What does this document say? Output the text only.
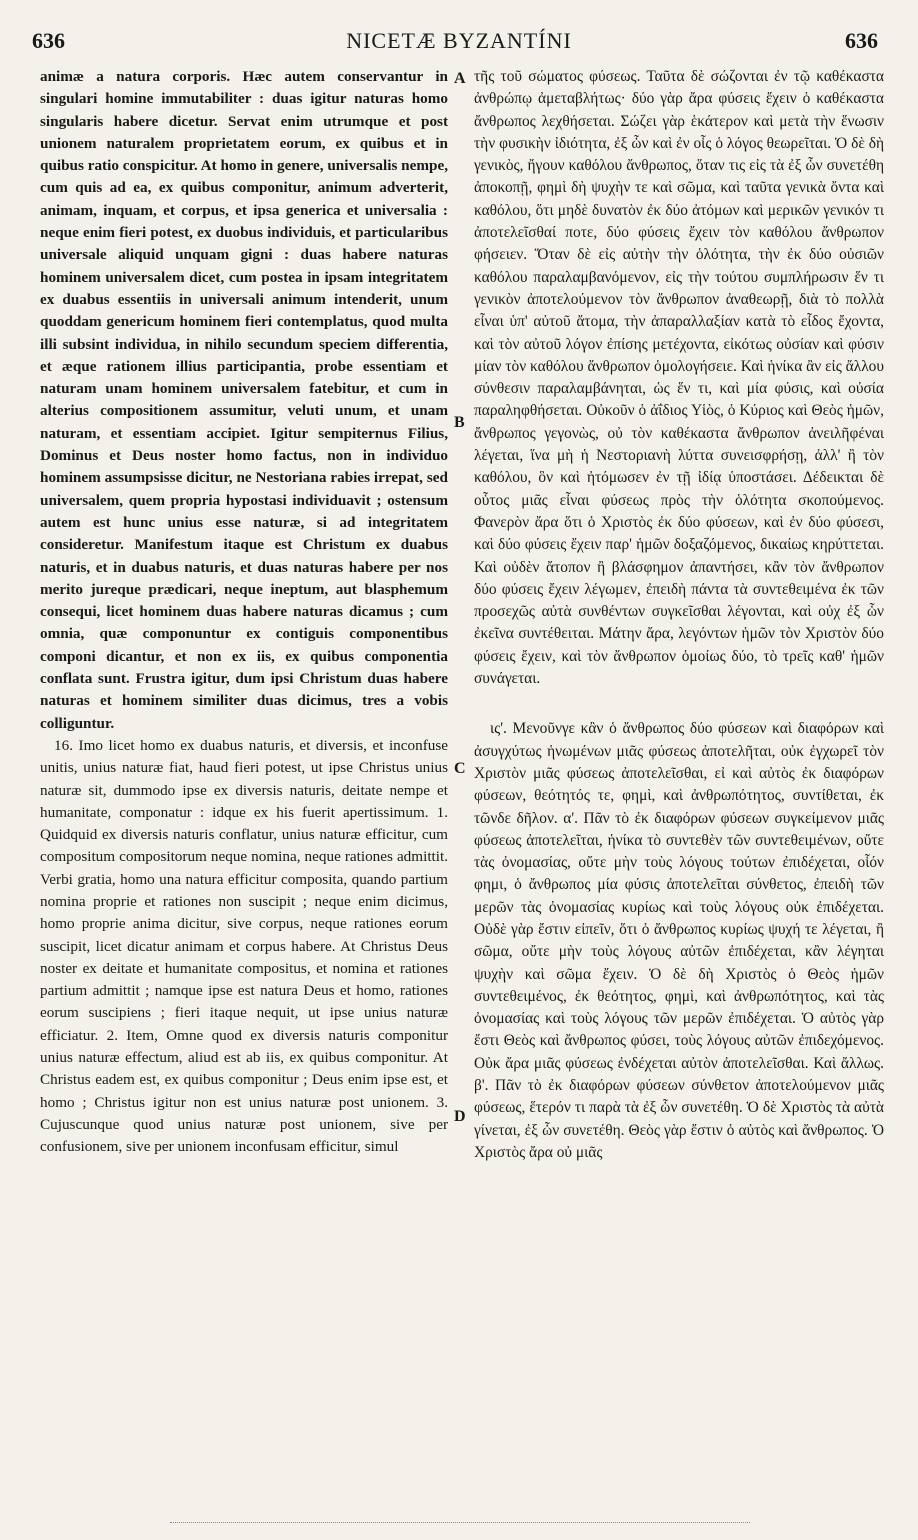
636	NICETÆ BYZANTÍNI	636

animæ a natura corporis. Hæc autem conservantur in singulari homine immutabiliter : duas igitur naturas homo singularis habere dicetur. Servat enim utrumque et post unionem naturalem proprietatem eorum, ex quibus et in quibus ratio conspicitur. At homo in genere, universalis nempe, cum quis ad ea, ex quibus componitur, animum adverterit, animam, inquam, et corpus, et ipsa generica et universalia : neque enim fieri potest, ex duobus individuis, et particularibus universale aliquid unquam gigni : duas habere naturas hominem universalem dicet, cum postea in ipsam integritatem ex duabus essentiis in universali animum intenderit, unum quoddam genericum hominem fieri contemplatus, quod multa illi subsint individua, in nihilo secundum speciem differentia, et æque rationem illius participantia, probe essentiam et naturam unam hominem universalem fatebitur, et cum in alterius compositionem assumitur, veluti unum, et unam naturam, et essentiam accipiet. Igitur sempiternus Filius, Dominus et Deus noster homo factus, non in individuo hominem assumpsisse dicitur, ne Nestoriana rabies irrepat, sed universalem, quem propria hypostasi individuavit ; ostensum autem est hunc unius esse naturæ, si ad integritatem consideretur. Manifestum itaque est Christum ex duabus naturis, et in duabus naturis, et duas naturas habere per nos merito jureque prædicari, neque ineptum, aut blasphemum consequi, licet hominem duas habere naturas dicamus ; cum omnia, quæ componuntur ex contiguis componentibus componi dicantur, et non ex iis, ex quibus componentia conflata sunt. Frustra igitur, dum ipsi Christum duas habere naturas et hominem similiter duas dicimus, tres a vobis colliguntur.

16. Imo licet homo ex duabus naturis, et diversis, et inconfuse unitis, unius naturæ fiat, haud fieri potest, ut ipse Christus unius naturæ sit, dummodo ipse ex diversis naturis, deitate nempe et humanitate, componatur : idque ex his fuerit apertissimum. 1. Quidquid ex diversis naturis conflatur, unius naturæ efficitur, cum compositum compositorum neque nomina, neque rationes admittit. Verbi gratia, homo una natura efficitur composita, quando partium nomina proprie et rationes non suscipit ; neque enim dicimus, homo proprie anima dicitur, sive corpus, neque rationes eorum suscipit, licet dicatur animam et corpus habere. At Christus Deus noster ex deitate et humanitate compositus, et nomina et rationes partium admittit ; namque ipse est natura Deus et homo, rationes eorum suscipiens ; fieri itaque nequit, ut ipse unius naturæ efficiatur. 2. Item, Omne quod ex diversis naturis componitur unius naturæ effectum, aliud est ab iis, ex quibus componitur. At Christus eadem est, ex quibus componitur ; Deus enim ipse est, et homo ; Christus igitur non est unius naturæ post unionem. 3. Cujuscunque quod unius naturæ post unionem, sive per confusionem, sive per unionem inconfusam efficitur, simul

A
B
C
D

τῆς τοῦ σώματος φύσεως. Ταῦτα δὲ σώζονται ἐν τῷ καθέκαστα ἀνθρώπῳ ἀμεταβλήτως· δύο γὰρ ἄρα φύσεις ἔχειν ὁ καθέκαστα ἄνθρωπος λεχθήσεται. Σώζει γὰρ ἑκάτερον καὶ μετὰ τὴν ἕνωσιν τὴν φυσικὴν ἰδιότητα, ἐξ ὧν καὶ ἐν οἷς ὁ λόγος θεωρεῖται. Ὁ δὲ δὴ γενικὸς, ἤγουν καθόλου ἄνθρωπος, ὅταν τις εἰς τὰ ἐξ ὧν συνετέθη ἀποκοπῇ, φημὶ δὴ ψυχὴν τε καὶ σῶμα, καὶ ταῦτα γενικὰ ὄντα καὶ καθόλου, ὅτι μηδὲ δυνατὸν ἐκ δύο ἀτόμων καὶ μερικῶν γενικόν τι ἀποτελεῖσθαί ποτε, δύο φύσεις ἔχειν τὸν καθόλου ἄνθρωπον φήσειεν. Ὅταν δὲ εἰς αὐτὴν τὴν ὁλότητα, τὴν ἐκ δύο οὐσιῶν καθόλου παραλαμβανόμενον, εἰς τὴν τούτου συμπλήρωσιν ἕν τι γενικὸν ἀποτελούμενον τὸν ἄνθρωπον ἀναθεωρῇ, διὰ τὸ πολλὰ εἶναι ὑπ' αὐτοῦ ἄτομα, τὴν ἀπαραλλαξίαν κατὰ τὸ εἶδος ἔχοντα, καὶ τὸν αὐτοῦ λόγον ἐπίσης μετέχοντα, εἰκότως οὐσίαν καὶ φύσιν μίαν τὸν καθόλου ἄνθρωπον ὁμολογήσειε. Καὶ ἡνίκα ἂν εἰς ἄλλου σύνθεσιν παραλαμβάνηται, ὡς ἕν τι, καὶ μία φύσις, καὶ οὐσία παραληφθήσεται. Οὐκοῦν ὁ ἀΐδιος Υἱὸς, ὁ Κύριος καὶ Θεὸς ἡμῶν, ἄνθρωπος γεγονὼς, οὐ τὸν καθέκαστα ἄνθρωπον ἀνειλῆφέναι λέγεται, ἵνα μὴ ἡ Νεστοριανὴ λύττα συνεισφρήσῃ, ἀλλ' ἢ τὸν καθόλου, ὃν καὶ ἠτόμωσεν ἐν τῇ ἰδίᾳ ὑποστάσει. Δέδεικται δὲ οὗτος μιᾶς εἶναι φύσεως πρὸς τὴν ὁλότητα σκοπούμενος. Φανερὸν ἄρα ὅτι ὁ Χριστὸς ἐκ δύο φύσεων, καὶ ἐν δύο φύσεσι, καὶ δύο φύσεις ἔχειν παρ' ἡμῶν δοξαζόμενος, δικαίως κηρύττεται. Καὶ οὐδὲν ἄτοπον ἢ βλάσφημον ἀπαντήσει, κἂν τὸν ἄνθρωπον δύο φύσεις ἔχειν λέγωμεν, ἐπειδὴ πάντα τὰ συντεθειμένα ἐκ τῶν προσεχῶς αὐτὰ συνθέντων συγκεῖσθαι λέγονται, καὶ οὐχ ἐξ ὧν ἐκεῖνα συντέθειται. Μάτην ἄρα, λεγόντων ἡμῶν τὸν Χριστὸν δύο φύσεις ἔχειν, καὶ τὸν ἄνθρωπον ὁμοίως δύο, τὸ τρεῖς καθ' ἡμῶν συνάγεται.

ις'. Μενοῦνγε κἂν ὁ ἄνθρωπος δύο φύσεων καὶ διαφόρων καὶ ἀσυγχύτως ἡνωμένων μιᾶς φύσεως ἀποτελῆται, οὐκ ἐγχωρεῖ τὸν Χριστὸν μιᾶς φύσεως ἀποτελεῖσθαι, εἰ καὶ αὐτὸς ἐκ διαφόρων φύσεων, θεότητός τε, φημὶ, καὶ ἀνθρωπότητος, συντίθεται, ἐκ τῶνδε δῆλον. α'. Πᾶν τὸ ἐκ διαφόρων φύσεων συγκείμενον μιᾶς φύσεως ἀποτελεῖται, ἡνίκα τὸ συντεθὲν τῶν συντεθειμένων, οὔτε τὰς ὀνομασίας, οὔτε μὴν τοὺς λόγους τούτων ἐπιδέχεται, οἷόν φημι, ὁ ἄνθρωπος μία φύσις ἀποτελεῖται σύνθετος, ἐπειδὴ τῶν μερῶν τὰς ὀνομασίας κυρίως καὶ τοὺς λόγους οὐκ ἐπιδέχεται. Οὐδὲ γὰρ ἔστιν εἰπεῖν, ὅτι ὁ ἄνθρωπος κυρίως ψυχή τε λέγεται, ἢ σῶμα, οὔτε μὴν τοὺς λόγους αὐτῶν ἐπιδέχεται, κἂν λέγηται ψυχὴν καὶ σῶμα ἔχειν. Ὁ δὲ δὴ Χριστὸς ὁ Θεὸς ἡμῶν συντεθειμένος, ἐκ θεότητος, φημὶ, καὶ ἀνθρωπότητος, καὶ τὰς ὀνομασίας καὶ τοὺς λόγους τῶν μερῶν ἐπιδέχεται. Ὁ αὐτὸς γὰρ ἔστι Θεὸς καὶ ἄνθρωπος φύσει, τοὺς λόγους αὐτῶν ἐπιδεχόμενος. Οὐκ ἄρα μιᾶς φύσεως ἐνδέχεται αὐτὸν ἀποτελεῖσθαι. Καὶ ἄλλως. β'. Πᾶν τὸ ἐκ διαφόρων φύσεων σύνθετον ἀποτελούμενον μιᾶς φύσεως, ἕτερόν τι παρὰ τὰ ἐξ ὧν συνετέθη. Ὁ δὲ Χριστὸς τὰ αὐτὰ γίνεται, ἐξ ὧν συνετέθη. Θεὸς γὰρ ἔστιν ὁ αὐτὸς καὶ ἄνθρωπος. Ὁ Χριστὸς ἄρα οὐ μιᾶς
